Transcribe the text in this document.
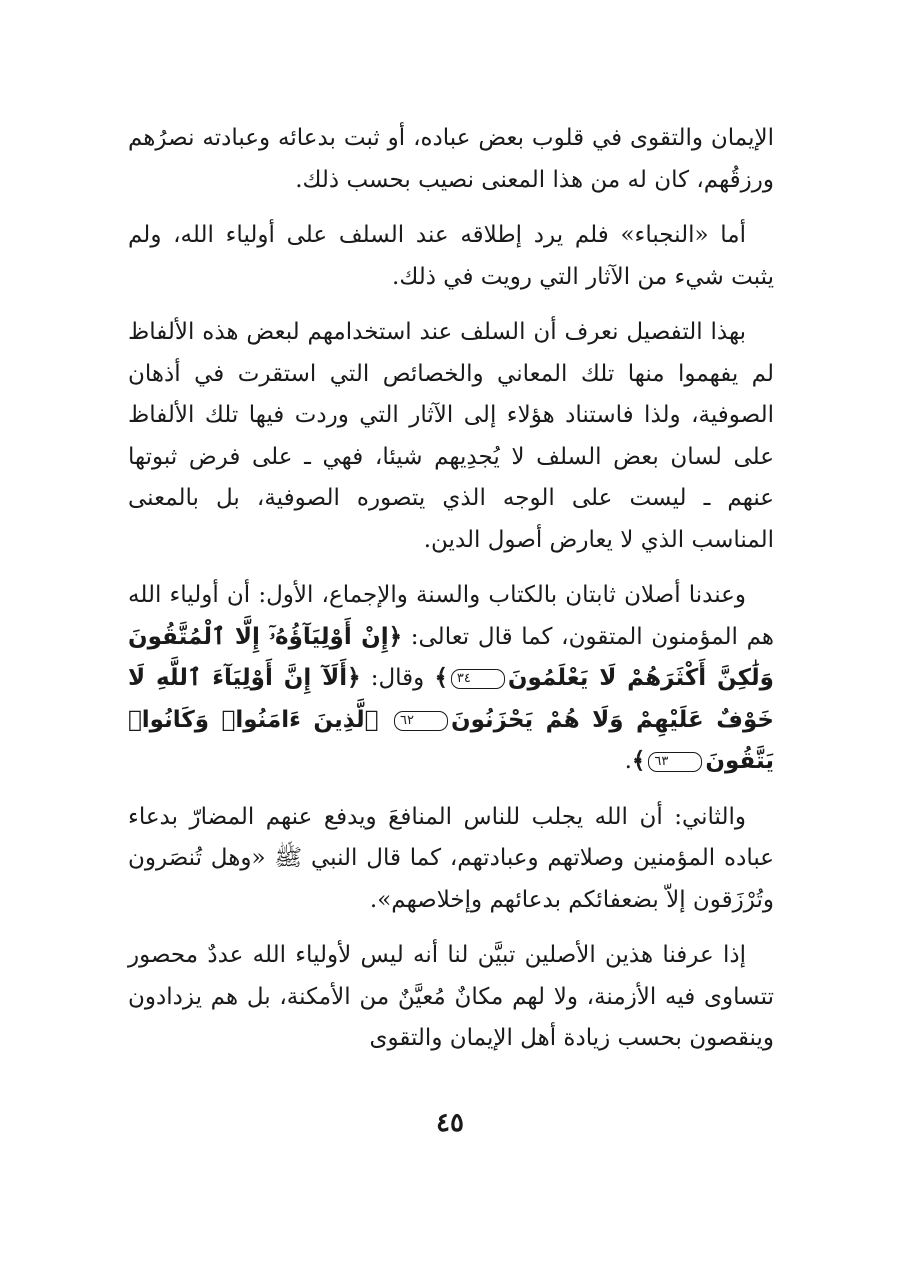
الإيمان والتقوى في قلوب بعض عباده، أو ثبت بدعائه وعبادته نصرُهم ورزقُهم، كان له من هذا المعنى نصيب بحسب ذلك.

أما «النجباء» فلم يرد إطلاقه عند السلف على أولياء الله، ولم يثبت شيء من الآثار التي رويت في ذلك.

بهذا التفصيل نعرف أن السلف عند استخدامهم لبعض هذه الألفاظ لم يفهموا منها تلك المعاني والخصائص التي استقرت في أذهان الصوفية، ولذا فاستناد هؤلاء إلى الآثار التي وردت فيها تلك الألفاظ على لسان بعض السلف لا يُجدِيهم شيئا، فهي ـ على فرض ثبوتها عنهم ـ ليست على الوجه الذي يتصوره الصوفية، بل بالمعنى المناسب الذي لا يعارض أصول الدين.

وعندنا أصلان ثابتان بالكتاب والسنة والإجماع، الأول: أن أولياء الله هم المؤمنون المتقون، كما قال تعالى: ﴿إِنْ أَوْلِيَآؤُهُۥٓ إِلَّا ٱلْمُتَّقُونَ وَلَٰكِنَّ أَكْثَرَهُمْ لَا يَعْلَمُونَ٣٤﴾ وقال: ﴿أَلَآ إِنَّ أَوْلِيَآءَ ٱللَّهِ لَا خَوْفٌ عَلَيْهِمْ وَلَا هُمْ يَحْزَنُونَ٦٢ ٱلَّذِينَ ءَامَنُوا۟ وَكَانُوا۟ يَتَّقُونَ٦٣﴾.

والثاني: أن الله يجلب للناس المنافعَ ويدفع عنهم المضارّ بدعاء عباده المؤمنين وصلاتهم وعبادتهم، كما قال النبي ﷺ «وهل تُنصَرون وتُرْزَقون إلاّ بضعفائكم بدعائهم وإخلاصهم».

إذا عرفنا هذين الأصلين تبيَّن لنا أنه ليس لأولياء الله عددٌ محصور تتساوى فيه الأزمنة، ولا لهم مكانٌ مُعيَّنٌ من الأمكنة، بل هم يزدادون وينقصون بحسب زيادة أهل الإيمان والتقوى

٤٥
